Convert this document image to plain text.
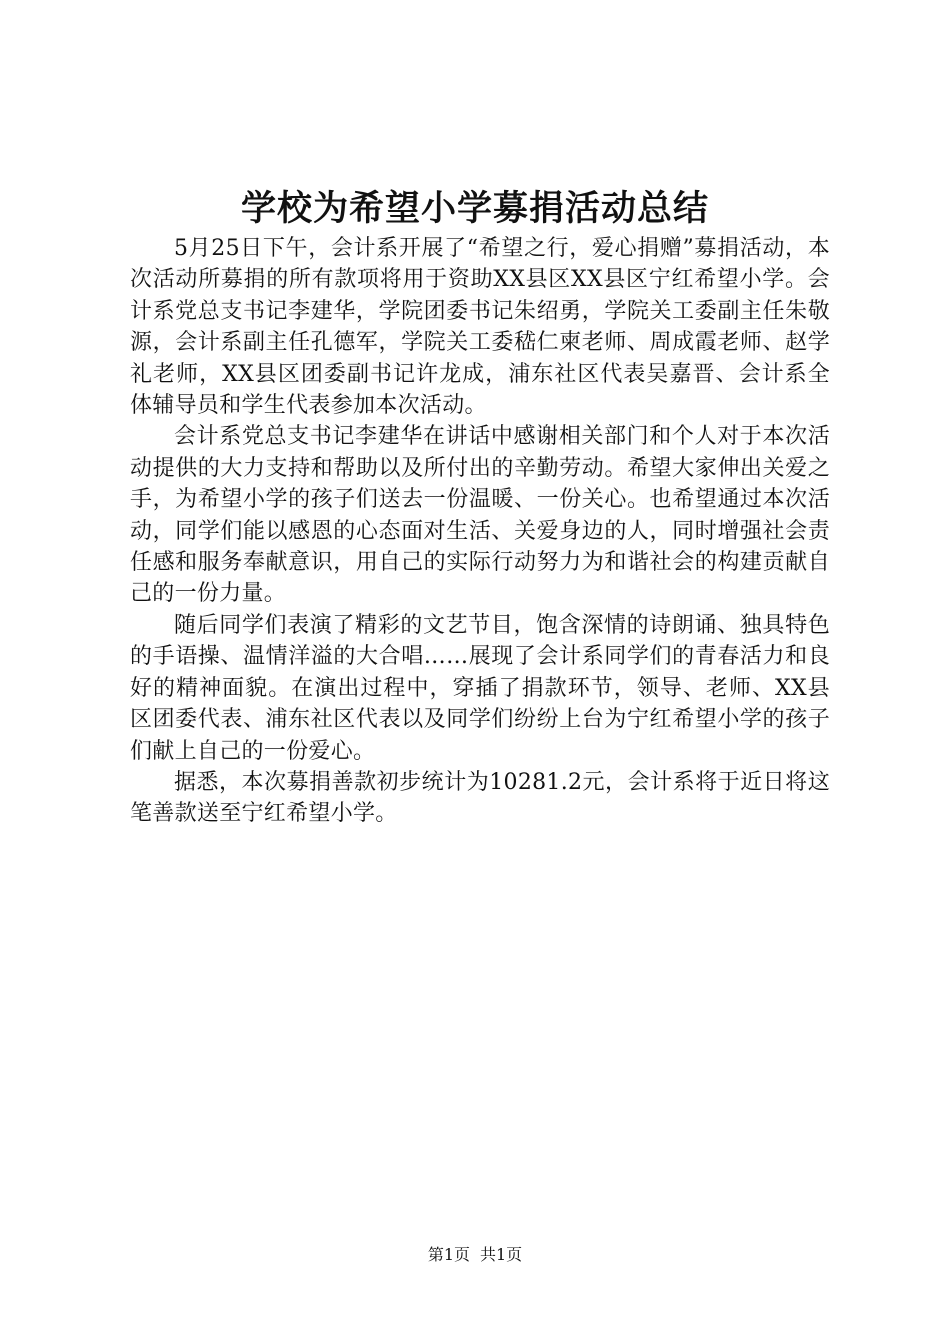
学校为希望小学募捐活动总结

5月25日下午，会计系开展了“希望之行，爱心捐赠”募捐活动，本次活动所募捐的所有款项将用于资助XX县区XX县区宁红希望小学。会计系党总支书记李建华，学院团委书记朱绍勇，学院关工委副主任朱敬源，会计系副主任孔德军，学院关工委嵇仁柬老师、周成霞老师、赵学礼老师，XX县区团委副书记许龙成，浦东社区代表吴嘉晋、会计系全体辅导员和学生代表参加本次活动。

会计系党总支书记李建华在讲话中感谢相关部门和个人对于本次活动提供的大力支持和帮助以及所付出的辛勤劳动。希望大家伸出关爱之手，为希望小学的孩子们送去一份温暖、一份关心。也希望通过本次活动，同学们能以感恩的心态面对生活、关爱身边的人，同时增强社会责任感和服务奉献意识，用自己的实际行动努力为和谐社会的构建贡献自己的一份力量。

随后同学们表演了精彩的文艺节目，饱含深情的诗朗诵、独具特色的手语操、温情洋溢的大合唱……展现了会计系同学们的青春活力和良好的精神面貌。在演出过程中，穿插了捐款环节，领导、老师、XX县区团委代表、浦东社区代表以及同学们纷纷上台为宁红希望小学的孩子们献上自己的一份爱心。

据悉，本次募捐善款初步统计为10281.2元，会计系将于近日将这笔善款送至宁红希望小学。

第1页 共1页
